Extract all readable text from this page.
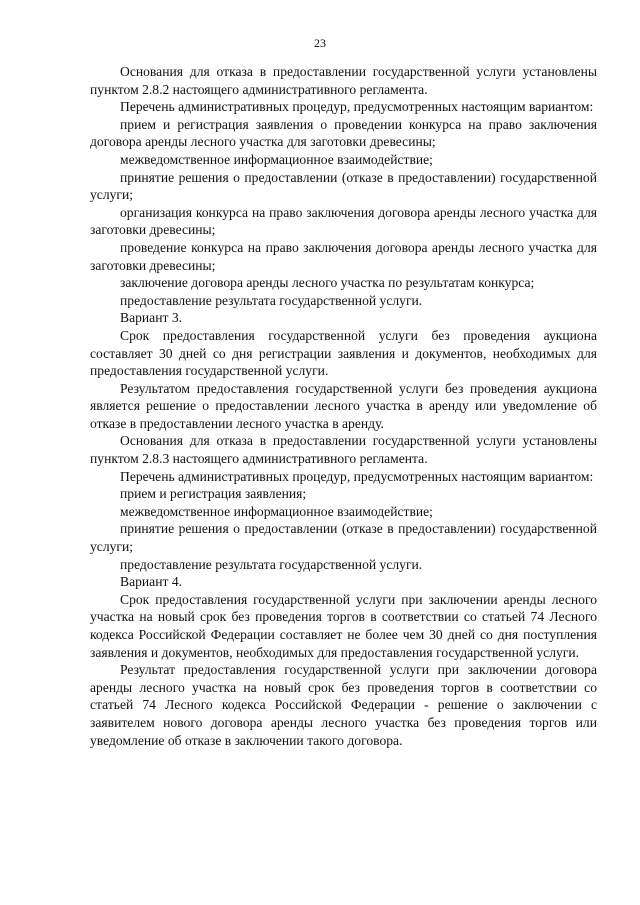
23

Основания для отказа в предоставлении государственной услуги установлены пунктом 2.8.2 настоящего административного регламента.

Перечень административных процедур, предусмотренных настоящим вариантом:

прием и регистрация заявления о проведении конкурса на право заключения договора аренды лесного участка для заготовки древесины;

межведомственное информационное взаимодействие;

принятие решения о предоставлении (отказе в предоставлении) государственной услуги;

организация конкурса на право заключения договора аренды лесного участка для заготовки древесины;

проведение конкурса на право заключения договора аренды лесного участка для заготовки древесины;

заключение договора аренды лесного участка по результатам конкурса;

предоставление результата государственной услуги.

Вариант 3.

Срок предоставления государственной услуги без проведения аукциона составляет 30 дней со дня регистрации заявления и документов, необходимых для предоставления государственной услуги.

Результатом предоставления государственной услуги без проведения аукциона является решение о предоставлении лесного участка в аренду или уведомление об отказе в предоставлении лесного участка в аренду.

Основания для отказа в предоставлении государственной услуги установлены пунктом 2.8.3 настоящего административного регламента.

Перечень административных процедур, предусмотренных настоящим вариантом:

прием и регистрация заявления;

межведомственное информационное взаимодействие;

принятие решения о предоставлении (отказе в предоставлении) государственной услуги;

предоставление результата государственной услуги.

Вариант 4.

Срок предоставления государственной услуги при заключении аренды лесного участка на новый срок без проведения торгов в соответствии со статьей 74 Лесного кодекса Российской Федерации составляет не более чем 30 дней со дня поступления заявления и документов, необходимых для предоставления государственной услуги.

Результат предоставления государственной услуги при заключении договора аренды лесного участка на новый срок без проведения торгов в соответствии со статьей 74 Лесного кодекса Российской Федерации - решение о заключении с заявителем нового договора аренды лесного участка без проведения торгов или уведомление об отказе в заключении такого договора.
